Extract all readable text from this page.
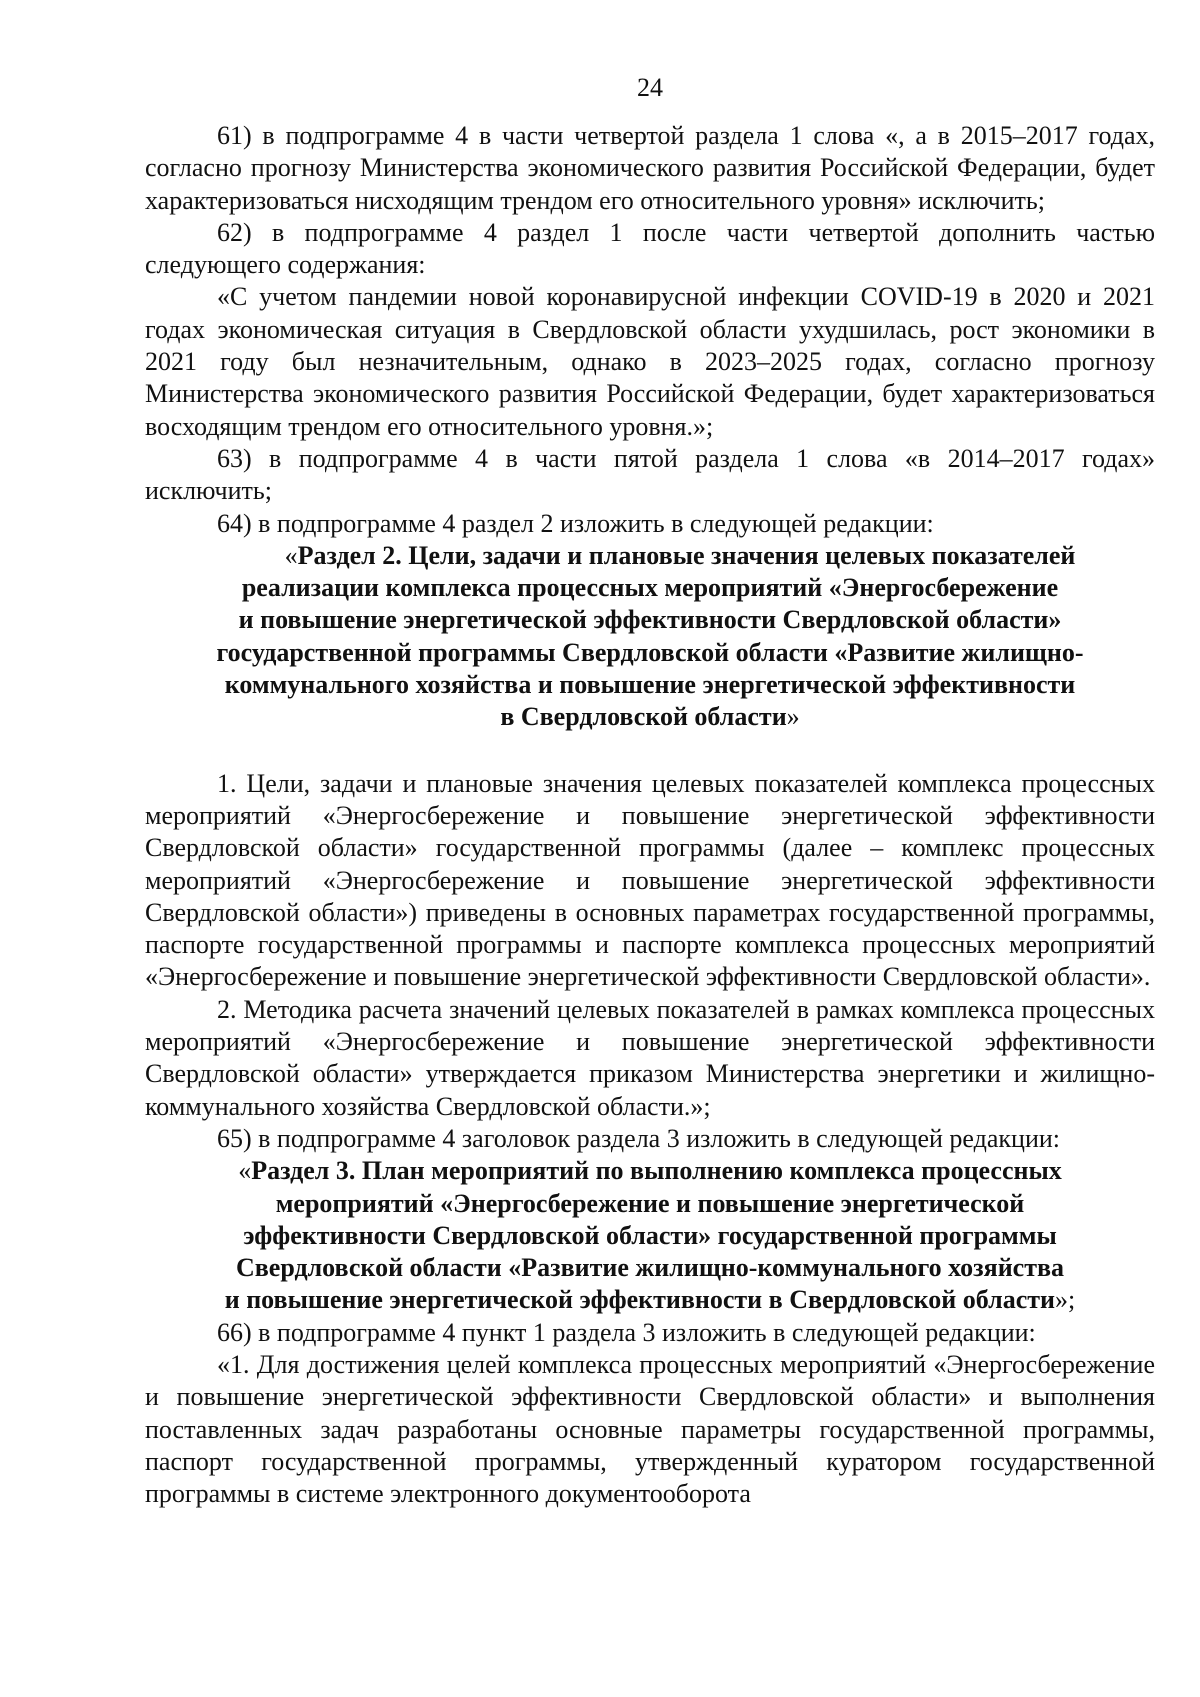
24

61) в подпрограмме 4 в части четвертой раздела 1 слова «, а в 2015–2017 годах, согласно прогнозу Министерства экономического развития Российской Федерации, будет характеризоваться нисходящим трендом его относительного уровня» исключить;

62) в подпрограмме 4 раздел 1 после части четвертой дополнить частью следующего содержания:

«С учетом пандемии новой коронавирусной инфекции COVID-19 в 2020 и 2021 годах экономическая ситуация в Свердловской области ухудшилась, рост экономики в 2021 году был незначительным, однако в 2023–2025 годах, согласно прогнозу Министерства экономического развития Российской Федерации, будет характеризоваться восходящим трендом его относительного уровня.»;

63) в подпрограмме 4 в части пятой раздела 1 слова «в 2014–2017 годах» исключить;

64) в подпрограмме 4 раздел 2 изложить в следующей редакции:

«Раздел 2. Цели, задачи и плановые значения целевых показателей
реализации комплекса процессных мероприятий «Энергосбережение
и повышение энергетической эффективности Свердловской области»
государственной программы Свердловской области «Развитие жилищно-
коммунального хозяйства и повышение энергетической эффективности
в Свердловской области»

1. Цели, задачи и плановые значения целевых показателей комплекса процессных мероприятий «Энергосбережение и повышение энергетической эффективности Свердловской области» государственной программы (далее – комплекс процессных мероприятий «Энергосбережение и повышение энергетической эффективности Свердловской области») приведены в основных параметрах государственной программы, паспорте государственной программы и паспорте комплекса процессных мероприятий «Энергосбережение и повышение энергетической эффективности Свердловской области».

2. Методика расчета значений целевых показателей в рамках комплекса процессных мероприятий «Энергосбережение и повышение энергетической эффективности Свердловской области» утверждается приказом Министерства энергетики и жилищно-коммунального хозяйства Свердловской области.»;

65) в подпрограмме 4 заголовок раздела 3 изложить в следующей редакции:

«Раздел 3. План мероприятий по выполнению комплекса процессных
мероприятий «Энергосбережение и повышение энергетической
эффективности Свердловской области» государственной программы
Свердловской области «Развитие жилищно-коммунального хозяйства
и повышение энергетической эффективности в Свердловской области»;

66) в подпрограмме 4 пункт 1 раздела 3 изложить в следующей редакции:

«1. Для достижения целей комплекса процессных мероприятий «Энергосбережение и повышение энергетической эффективности Свердловской области» и выполнения поставленных задач разработаны основные параметры государственной программы, паспорт государственной программы, утвержденный куратором государственной программы в системе электронного документооборота
